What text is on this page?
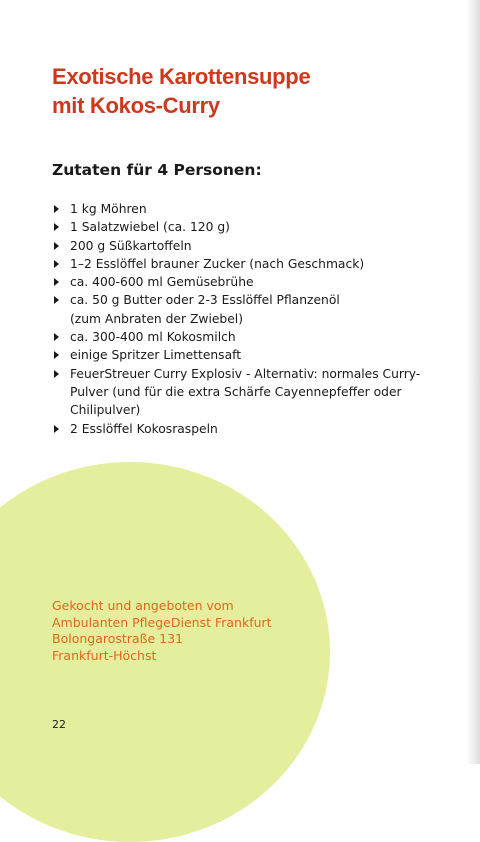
Exotische Karottensuppe
mit Kokos-Curry
Zutaten für 4 Personen:
1 kg Möhren
1 Salatzwiebel (ca. 120 g)
200 g Süßkartoffeln
1–2 Esslöffel brauner Zucker (nach Geschmack)
ca. 400-600 ml Gemüsebrühe
ca. 50 g Butter oder 2-3 Esslöffel Pflanzenöl
(zum Anbraten der Zwiebel)
ca. 300-400 ml Kokosmilch
einige Spritzer Limettensaft
FeuerStreuer Curry Explosiv - Alternativ: normales Curry-
Pulver (und für die extra Schärfe Cayennepfeffer oder
Chilipulver)
2 Esslöffel Kokosraspeln
Gekocht und angeboten vom
Ambulanten PflegeDienst Frankfurt
Bolongarostraße 131
Frankfurt-Höchst
22
